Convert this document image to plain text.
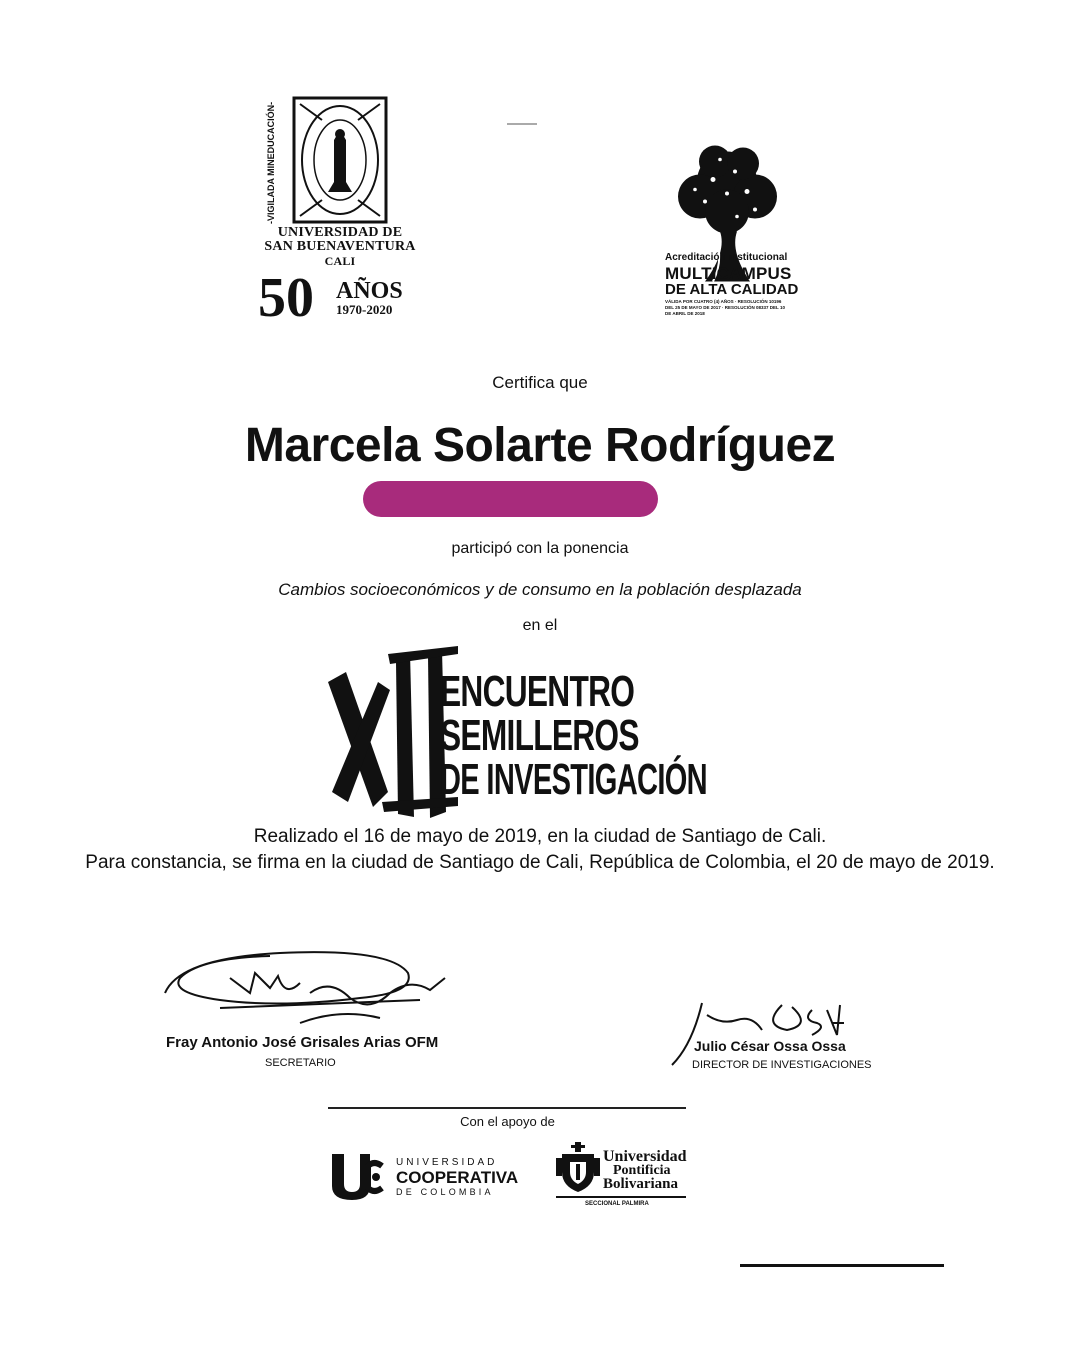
-VIGILADA MINEDUCACIÓN-
UNIVERSIDAD DE
SAN BUENAVENTURA
CALI
50 AÑOS
1970-2020
Acreditación institucional
MULTICAMPUS
DE ALTA CALIDAD
VÁLIDA POR CUATRO (4) AÑOS · RESOLUCIÓN 10196 DEL 25 DE MAYO DE 2017 · RESOLUCIÓN 08337 DEL 10 DE ABRIL DE 2018
Certifica que
Marcela Solarte Rodríguez
participó con la ponencia
Cambios socioeconómicos y de consumo en la población desplazada
en el
ENCUENTRO
SEMILLEROS
DE INVESTIGACIÓN
Realizado el 16 de mayo de 2019, en la ciudad de Santiago de Cali.
Para constancia, se firma en la ciudad de Santiago de Cali, República de Colombia, el 20 de mayo de 2019.
Fray Antonio José Grisales Arias OFM
SECRETARIO
Julio César Ossa Ossa
DIRECTOR DE INVESTIGACIONES
Con el apoyo de
UNIVERSIDAD
COOPERATIVA
DE COLOMBIA
Universidad
Pontificia
Bolivariana
SECCIONAL PALMIRA
